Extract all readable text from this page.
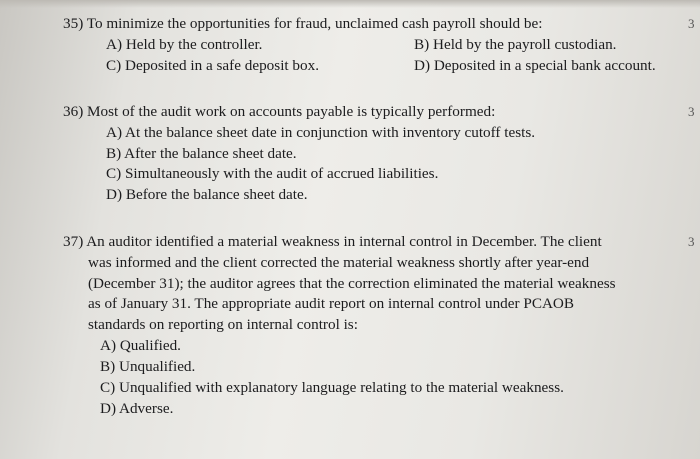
35) To minimize the opportunities for fraud, unclaimed cash payroll should be:
A) Held by the controller.	B) Held by the payroll custodian.
C) Deposited in a safe deposit box.	D) Deposited in a special bank account.
36) Most of the audit work on accounts payable is typically performed:
A) At the balance sheet date in conjunction with inventory cutoff tests.
B) After the balance sheet date.
C) Simultaneously with the audit of accrued liabilities.
D) Before the balance sheet date.
37) An auditor identified a material weakness in internal control in December. The client
was informed and the client corrected the material weakness shortly after year-end
(December 31); the auditor agrees that the correction eliminated the material weakness
as of January 31. The appropriate audit report on internal control under PCAOB
standards on reporting on internal control is:
A) Qualified.
B) Unqualified.
C) Unqualified with explanatory language relating to the material weakness.
D) Adverse.
3
3
3
